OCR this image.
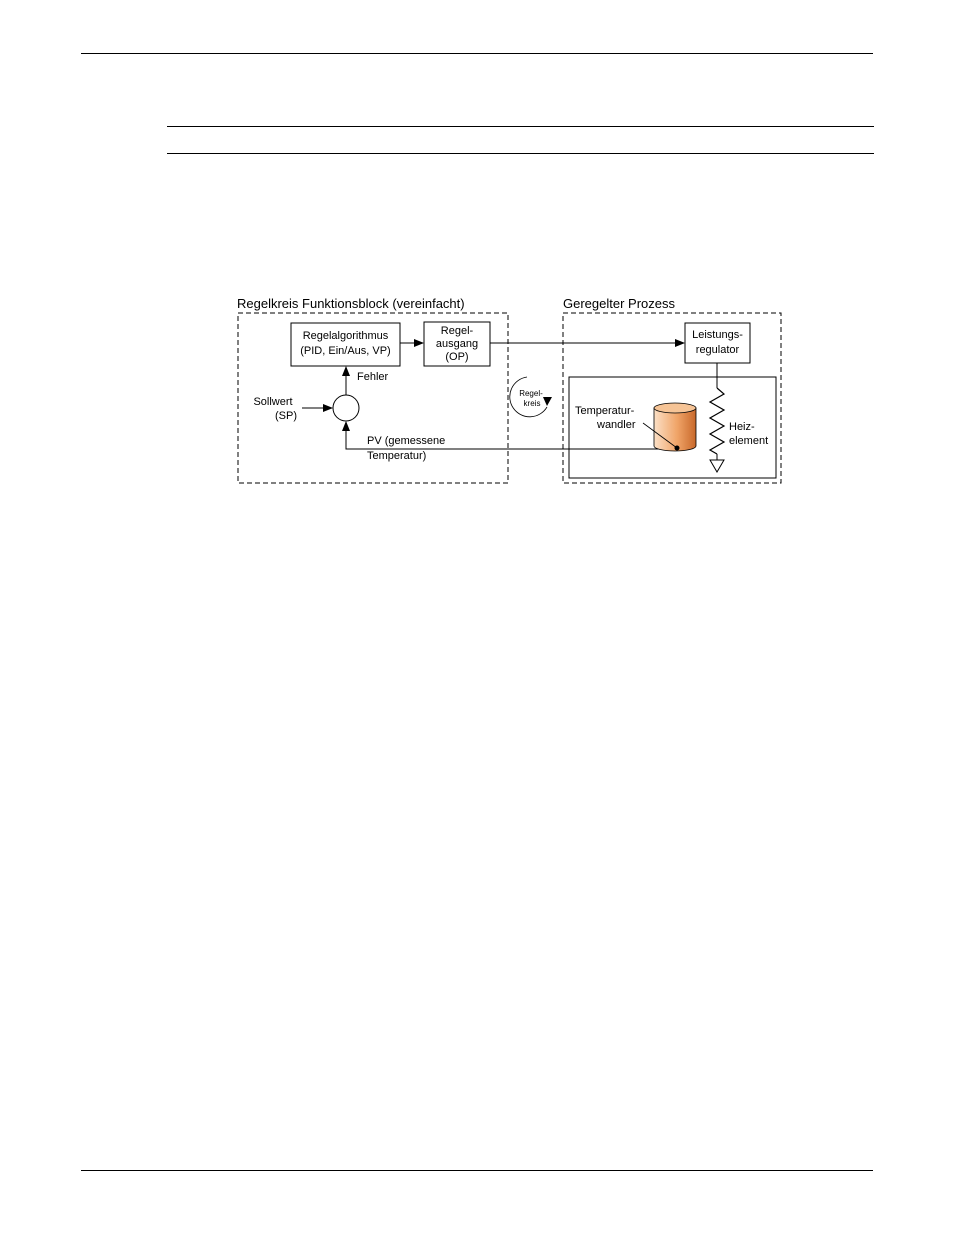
Regelkreis Funktionsblock (vereinfacht)	Geregelter Prozess
Regelalgorithmus
(PID, Ein/Aus, VP)
Regel-
ausgang
(OP)
Leistungs-
regulator
Fehler
Sollwert
(SP)
PV (gemessene
Temperatur)
Regel-
kreis
Temperatur-
wandler	Heiz-
element
